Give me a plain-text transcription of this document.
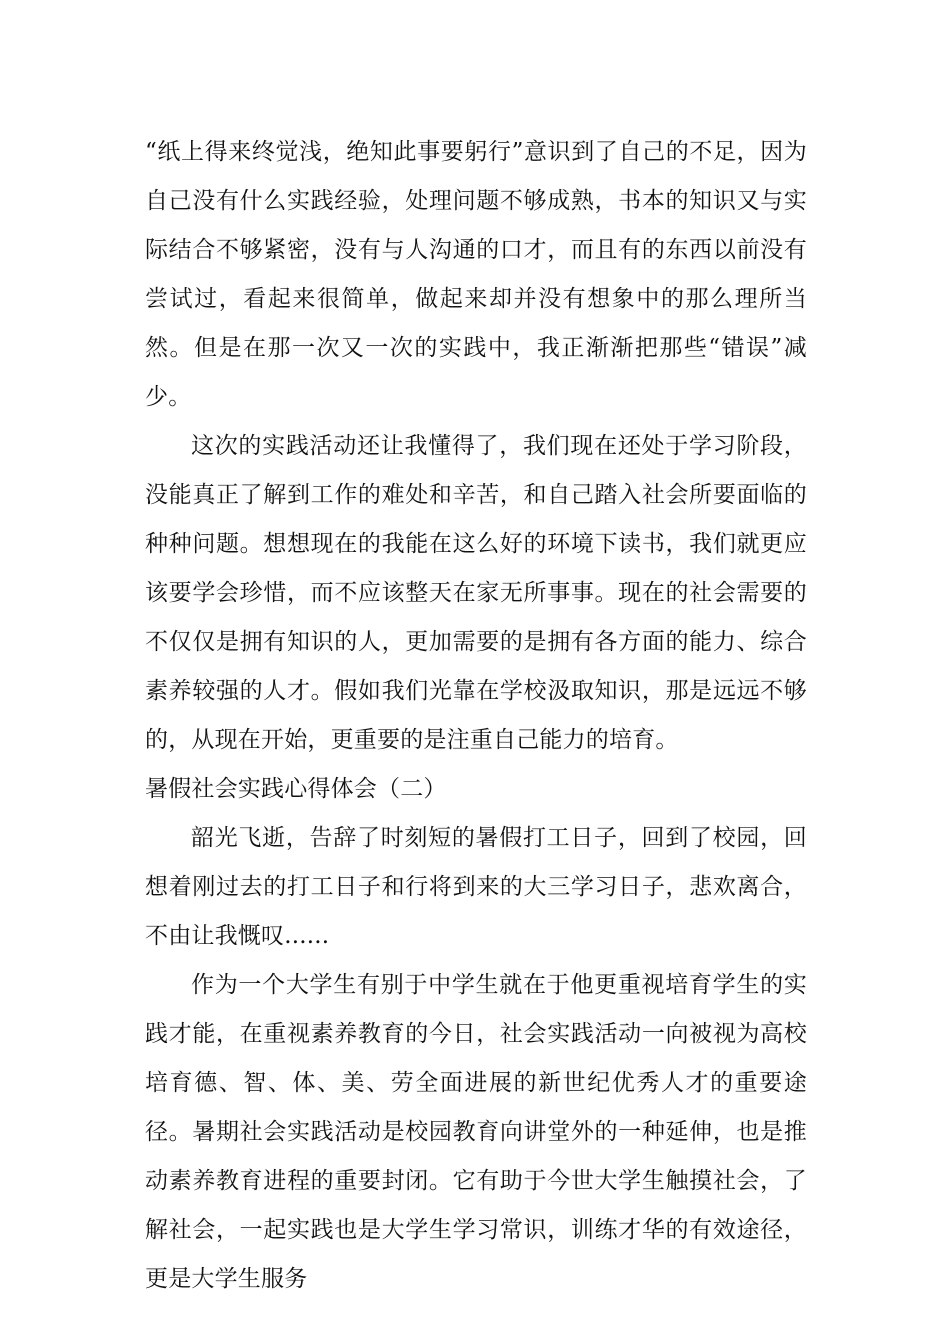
“纸上得来终觉浅，绝知此事要躬行”意识到了自己的不足，因为自己没有什么实践经验，处理问题不够成熟，书本的知识又与实际结合不够紧密，没有与人沟通的口才，而且有的东西以前没有尝试过，看起来很简单，做起来却并没有想象中的那么理所当然。但是在那一次又一次的实践中，我正渐渐把那些“错误”减少。

这次的实践活动还让我懂得了，我们现在还处于学习阶段，没能真正了解到工作的难处和辛苦，和自己踏入社会所要面临的种种问题。想想现在的我能在这么好的环境下读书，我们就更应该要学会珍惜，而不应该整天在家无所事事。现在的社会需要的不仅仅是拥有知识的人，更加需要的是拥有各方面的能力、综合素养较强的人才。假如我们光靠在学校汲取知识，那是远远不够的，从现在开始，更重要的是注重自己能力的培育。

暑假社会实践心得体会（二）

韶光飞逝，告辞了时刻短的暑假打工日子，回到了校园，回想着刚过去的打工日子和行将到来的大三学习日子，悲欢离合，不由让我慨叹......

作为一个大学生有别于中学生就在于他更重视培育学生的实践才能，在重视素养教育的今日，社会实践活动一向被视为高校培育德、智、体、美、劳全面进展的新世纪优秀人才的重要途径。暑期社会实践活动是校园教育向讲堂外的一种延伸，也是推动素养教育进程的重要封闭。它有助于今世大学生触摸社会，了解社会，一起实践也是大学生学习常识，训练才华的有效途径，更是大学生服务
